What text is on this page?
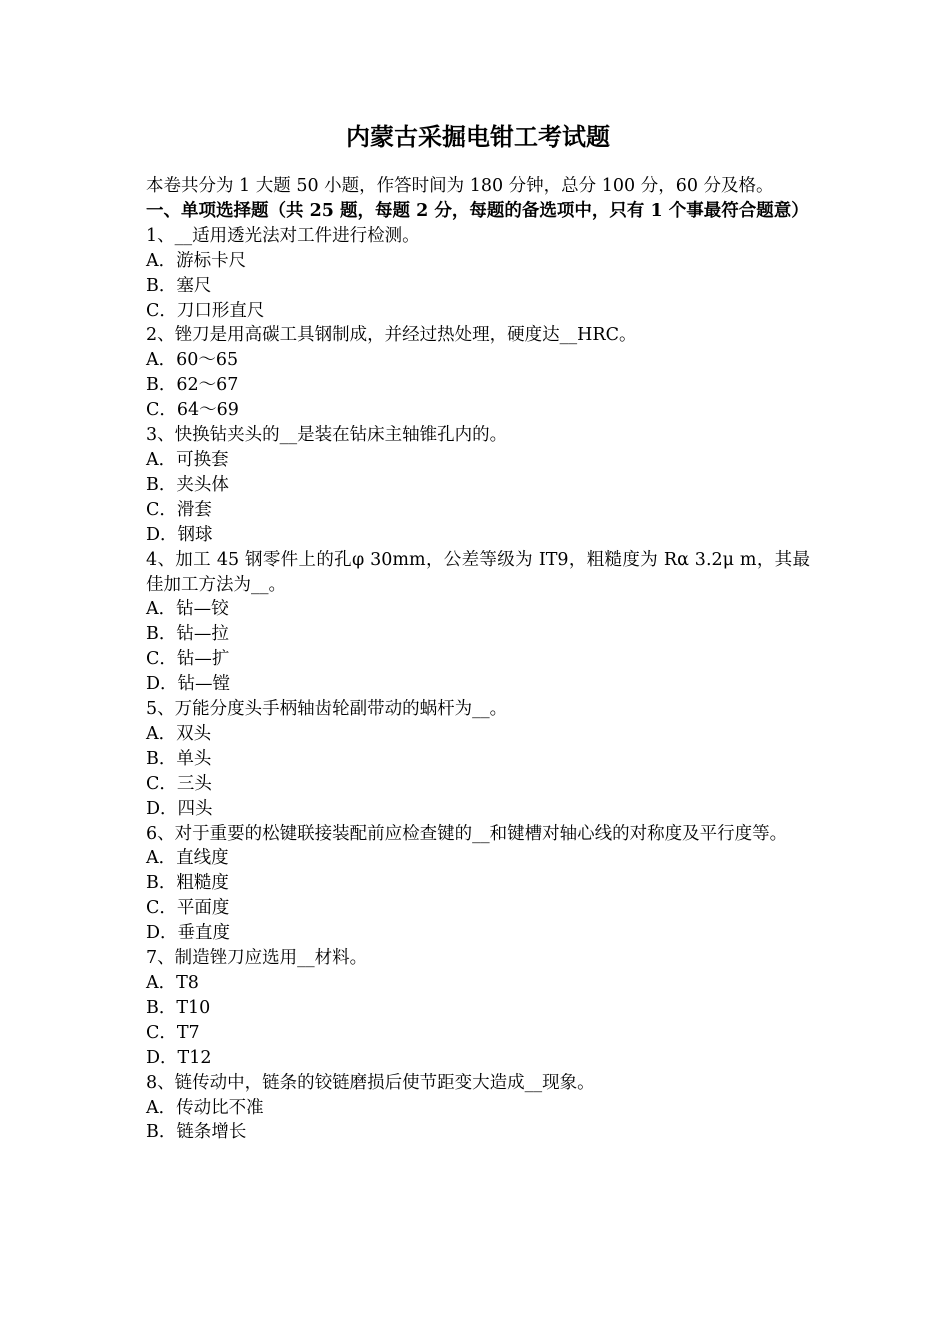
内蒙古采掘电钳工考试题
本卷共分为 1 大题 50 小题，作答时间为 180 分钟，总分 100 分，60 分及格。
一、单项选择题（共 25 题，每题 2 分，每题的备选项中，只有 1 个事最符合题意）
1、__适用透光法对工件进行检测。
A．游标卡尺
B．塞尺
C．刀口形直尺
2、锉刀是用高碳工具钢制成，并经过热处理，硬度达__HRC。
A．60～65
B．62～67
C．64～69
3、快换钻夹头的__是装在钻床主轴锥孔内的。
A．可换套
B．夹头体
C．滑套
D．钢球
4、加工 45 钢零件上的孔φ 30mm，公差等级为 IT9，粗糙度为 Rα 3.2μ m，其最佳加工方法为__。
A．钻—铰
B．钻—拉
C．钻—扩
D．钻—镗
5、万能分度头手柄轴齿轮副带动的蜗杆为__。
A．双头
B．单头
C．三头
D．四头
6、对于重要的松键联接装配前应检查键的__和键槽对轴心线的对称度及平行度等。
A．直线度
B．粗糙度
C．平面度
D．垂直度
7、制造锉刀应选用__材料。
A．T8
B．T10
C．T7
D．T12
8、链传动中，链条的铰链磨损后使节距变大造成__现象。
A．传动比不准
B．链条增长
